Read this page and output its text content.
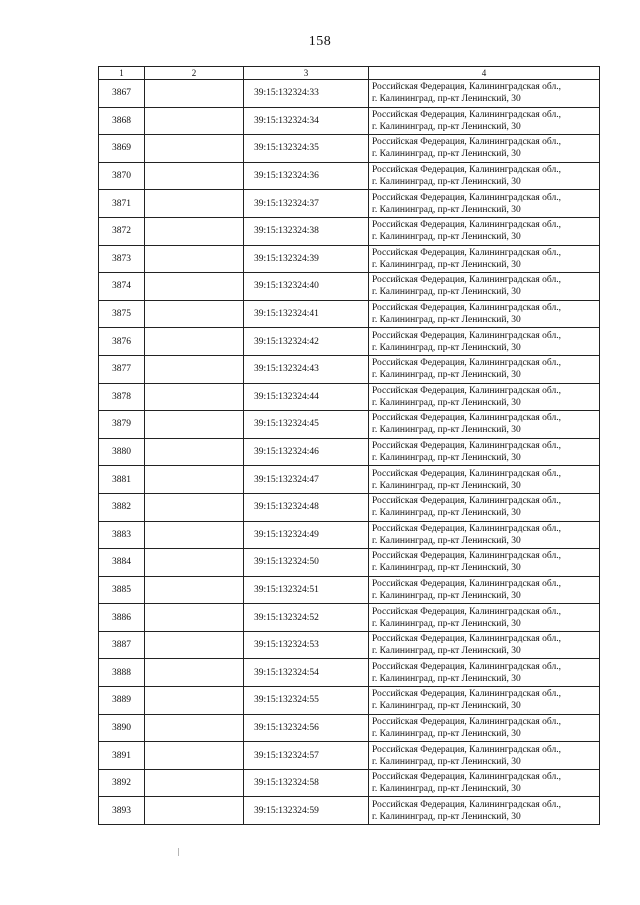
158
1	2	3	4
3867		39:15:132324:33	Российская Федерация, Калининградская обл.,
г. Калининград, пр-кт Ленинский, 30

3868		39:15:132324:34	Российская Федерация, Калининградская обл.,
г. Калининград, пр-кт Ленинский, 30

3869		39:15:132324:35	Российская Федерация, Калининградская обл.,
г. Калининград, пр-кт Ленинский, 30

3870		39:15:132324:36	Российская Федерация, Калининградская обл.,
г. Калининград, пр-кт Ленинский, 30

3871		39:15:132324:37	Российская Федерация, Калининградская обл.,
г. Калининград, пр-кт Ленинский, 30

3872		39:15:132324:38	Российская Федерация, Калининградская обл.,
г. Калининград, пр-кт Ленинский, 30

3873		39:15:132324:39	Российская Федерация, Калининградская обл.,
г. Калининград, пр-кт Ленинский, 30

3874		39:15:132324:40	Российская Федерация, Калининградская обл.,
г. Калининград, пр-кт Ленинский, 30

3875		39:15:132324:41	Российская Федерация, Калининградская обл.,
г. Калининград, пр-кт Ленинский, 30

3876		39:15:132324:42	Российская Федерация, Калининградская обл.,
г. Калининград, пр-кт Ленинский, 30

3877		39:15:132324:43	Российская Федерация, Калининградская обл.,
г. Калининград, пр-кт Ленинский, 30

3878		39:15:132324:44	Российская Федерация, Калининградская обл.,
г. Калининград, пр-кт Ленинский, 30

3879		39:15:132324:45	Российская Федерация, Калининградская обл.,
г. Калининград, пр-кт Ленинский, 30

3880		39:15:132324:46	Российская Федерация, Калининградская обл.,
г. Калининград, пр-кт Ленинский, 30

3881		39:15:132324:47	Российская Федерация, Калининградская обл.,
г. Калининград, пр-кт Ленинский, 30

3882		39:15:132324:48	Российская Федерация, Калининградская обл.,
г. Калининград, пр-кт Ленинский, 30

3883		39:15:132324:49	Российская Федерация, Калининградская обл.,
г. Калининград, пр-кт Ленинский, 30

3884		39:15:132324:50	Российская Федерация, Калининградская обл.,
г. Калининград, пр-кт Ленинский, 30

3885		39:15:132324:51	Российская Федерация, Калининградская обл.,
г. Калининград, пр-кт Ленинский, 30

3886		39:15:132324:52	Российская Федерация, Калининградская обл.,
г. Калининград, пр-кт Ленинский, 30

3887		39:15:132324:53	Российская Федерация, Калининградская обл.,
г. Калининград, пр-кт Ленинский, 30

3888		39:15:132324:54	Российская Федерация, Калининградская обл.,
г. Калининград, пр-кт Ленинский, 30

3889		39:15:132324:55	Российская Федерация, Калининградская обл.,
г. Калининград, пр-кт Ленинский, 30

3890		39:15:132324:56	Российская Федерация, Калининградская обл.,
г. Калининград, пр-кт Ленинский, 30

3891		39:15:132324:57	Российская Федерация, Калининградская обл.,
г. Калининград, пр-кт Ленинский, 30

3892		39:15:132324:58	Российская Федерация, Калининградская обл.,
г. Калининград, пр-кт Ленинский, 30

3893		39:15:132324:59	Российская Федерация, Калининградская обл.,
г. Калининград, пр-кт Ленинский, 30
